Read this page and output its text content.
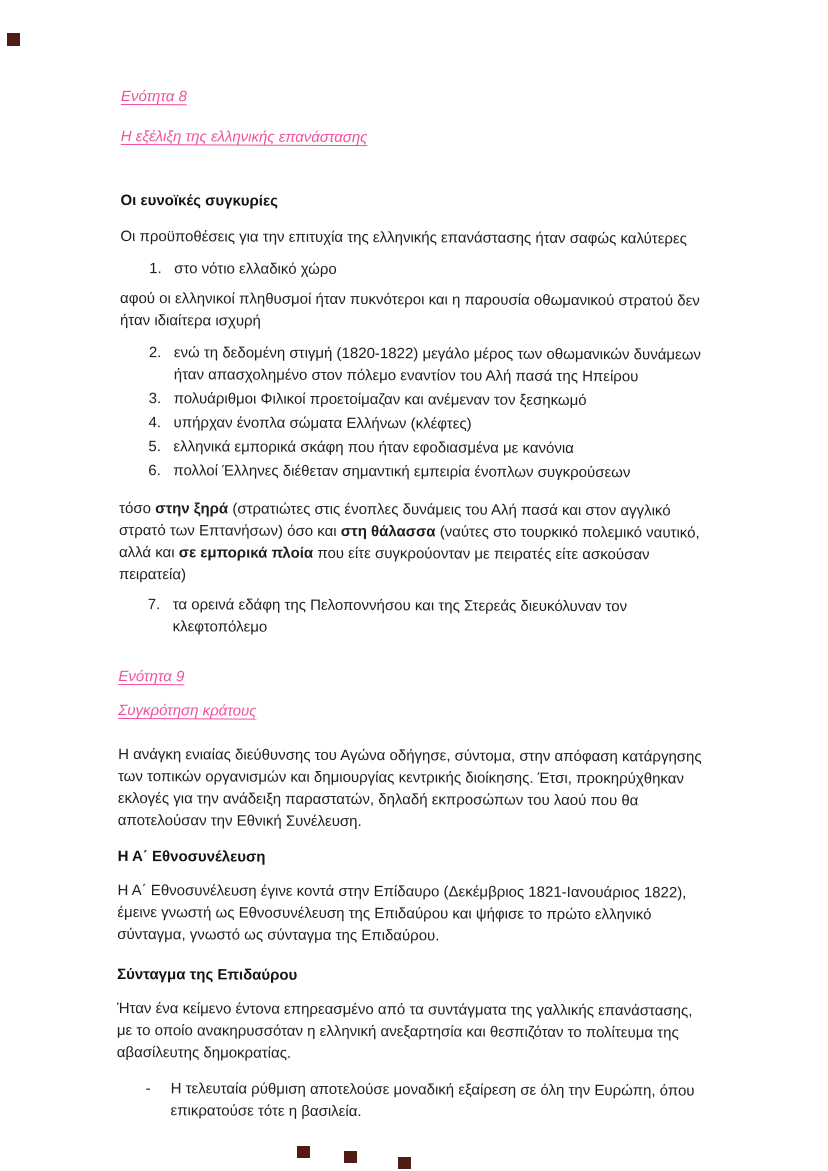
Ενότητα 8
Η εξέλιξη της ελληνικής επανάστασης
Οι ευνοϊκές συγκυρίες

Οι προϋποθέσεις για την επιτυχία της ελληνικής επανάστασης ήταν σαφώς καλύτερες

1. στο νότιο ελλαδικό χώρο

αφού οι ελληνικοί πληθυσμοί ήταν πυκνότεροι και η παρουσία οθωμανικού στρατού δεν ήταν ιδιαίτερα ισχυρή

2. ενώ τη δεδομένη στιγμή (1820-1822) μεγάλο μέρος των οθωμανικών δυνάμεων ήταν απασχολημένο στον πόλεμο εναντίον του Αλή πασά της Ηπείρου
3. πολυάριθμοι Φιλικοί προετοίμαζαν και ανέμεναν τον ξεσηκωμό
4. υπήρχαν ένοπλα σώματα Ελλήνων (κλέφτες)
5. ελληνικά εμπορικά σκάφη που ήταν εφοδιασμένα με κανόνια
6. πολλοί Έλληνες διέθεταν σημαντική εμπειρία ένοπλων συγκρούσεων

τόσο στην ξηρά (στρατιώτες στις ένοπλες δυνάμεις του Αλή πασά και στον αγγλικό στρατό των Επτανήσων) όσο και στη θάλασσα (ναύτες στο τουρκικό πολεμικό ναυτικό, αλλά και σε εμπορικά πλοία που είτε συγκρούονταν με πειρατές είτε ασκούσαν πειρατεία)

7. τα ορεινά εδάφη της Πελοποννήσου και της Στερεάς διευκόλυναν τον κλεφτοπόλεμο
Ενότητα 9
Συγκρότηση κράτους

Η ανάγκη ενιαίας διεύθυνσης του Αγώνα οδήγησε, σύντομα, στην απόφαση κατάργησης των τοπικών οργανισμών και δημιουργίας κεντρικής διοίκησης. Έτσι, προκηρύχθηκαν εκλογές για την ανάδειξη παραστατών, δηλαδή εκπροσώπων του λαού που θα αποτελούσαν την Εθνική Συνέλευση.

Η Α΄ Εθνοσυνέλευση

Η Α΄ Εθνοσυνέλευση έγινε κοντά στην Επίδαυρο (Δεκέμβριος 1821-Ιανουάριος 1822), έμεινε γνωστή ως Εθνοσυνέλευση της Επιδαύρου και ψήφισε το πρώτο ελληνικό σύνταγμα, γνωστό ως σύνταγμα της Επιδαύρου.

Σύνταγμα της Επιδαύρου

Ήταν ένα κείμενο έντονα επηρεασμένο από τα συντάγματα της γαλλικής επανάστασης, με το οποίο ανακηρυσσόταν η ελληνική ανεξαρτησία και θεσπιζόταν το πολίτευμα της αβασίλευτης δημοκρατίας.

-	Η τελευταία ρύθμιση αποτελούσε μοναδική εξαίρεση σε όλη την Ευρώπη, όπου επικρατούσε τότε η βασιλεία.
